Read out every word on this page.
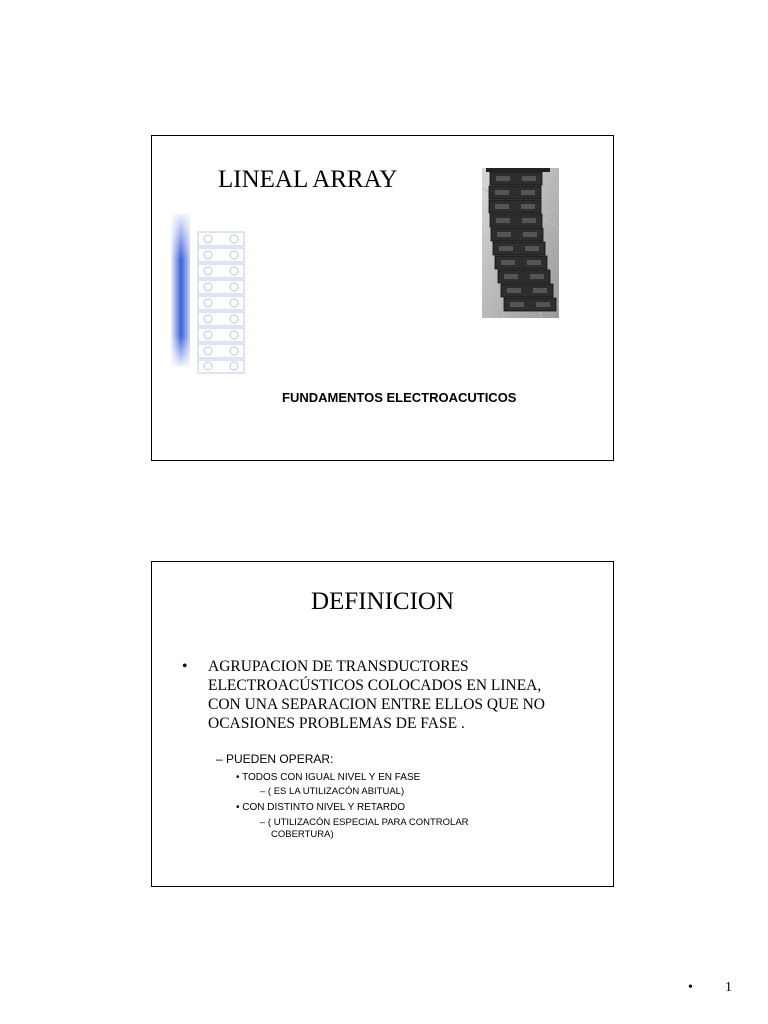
LINEAL ARRAY
FUNDAMENTOS ELECTROACUTICOS
DEFINICION
• AGRUPACION DE TRANSDUCTORES ELECTROACÚSTICOS COLOCADOS EN LINEA, CON UNA SEPARACION ENTRE ELLOS QUE NO OCASIONES PROBLEMAS DE FASE .
– PUEDEN OPERAR:
• TODOS CON IGUAL NIVEL Y EN FASE
– ( ES LA UTILIZACÓN ABITUAL)
• CON DISTINTO NIVEL Y RETARDO
– ( UTILIZACÓN ESPECIAL PARA CONTROLAR
COBERTURA)
• 1
